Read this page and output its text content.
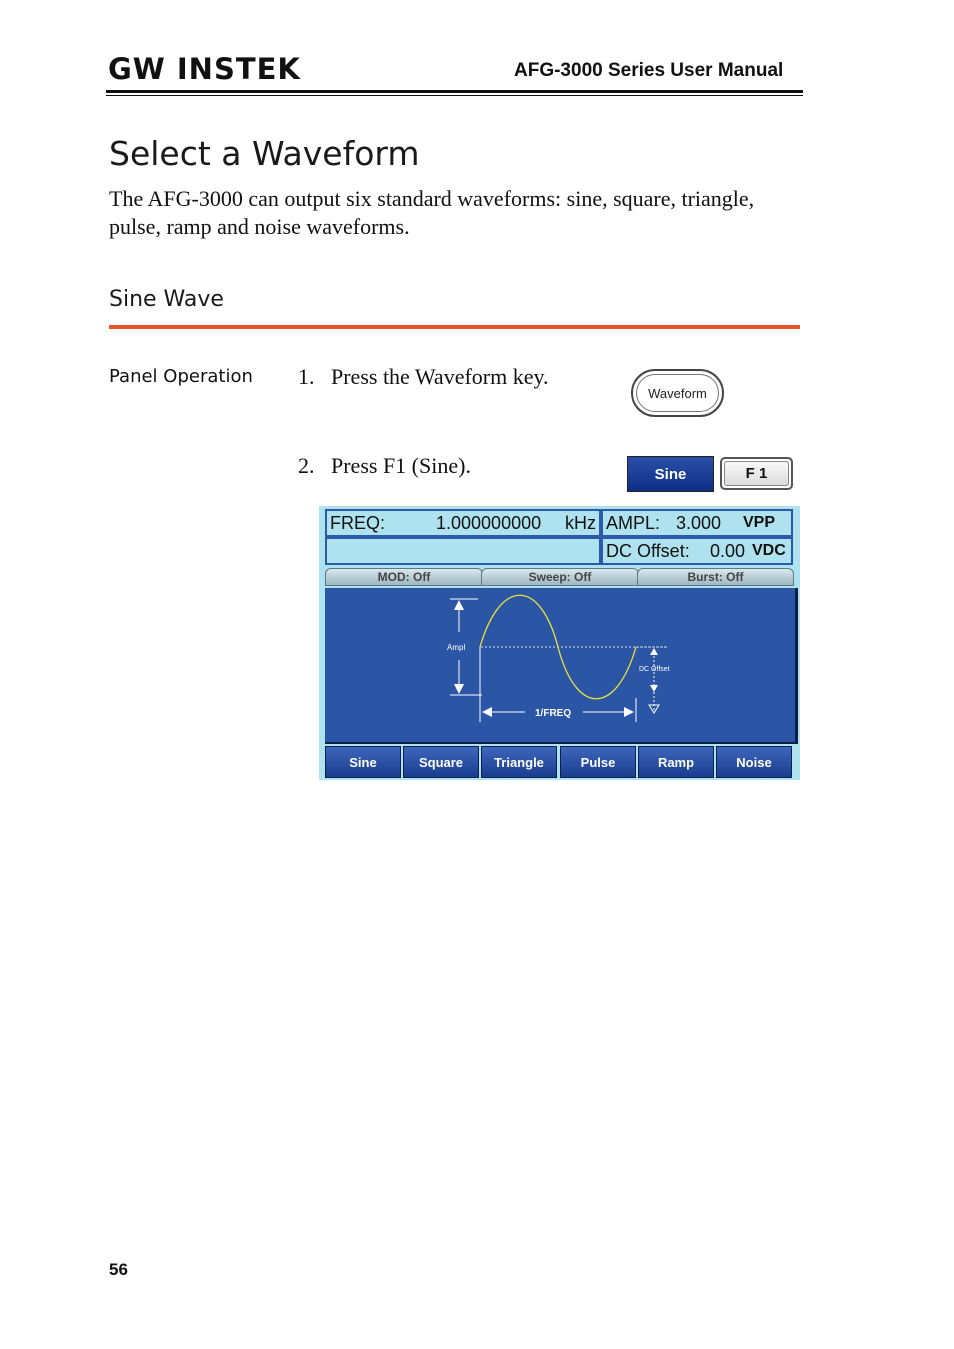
GW INSTEK	AFG-3000 Series User Manual
Select a Waveform
The AFG-3000 can output six standard waveforms: sine, square, triangle, pulse, ramp and noise waveforms.
Sine Wave
Panel Operation 1. Press the Waveform key.
2. Press F1 (Sine).
Waveform
Sine	F 1
FREQ:	1.000000000 kHz AMPL: 3.000 VPP
DC Offset: 0.00 VDC
MOD: Off	Sweep: Off	Burst: Off
Ampl
1/FREQ
DC Offset
Sine	Square	Triangle	Pulse	Ramp	Noise
56
